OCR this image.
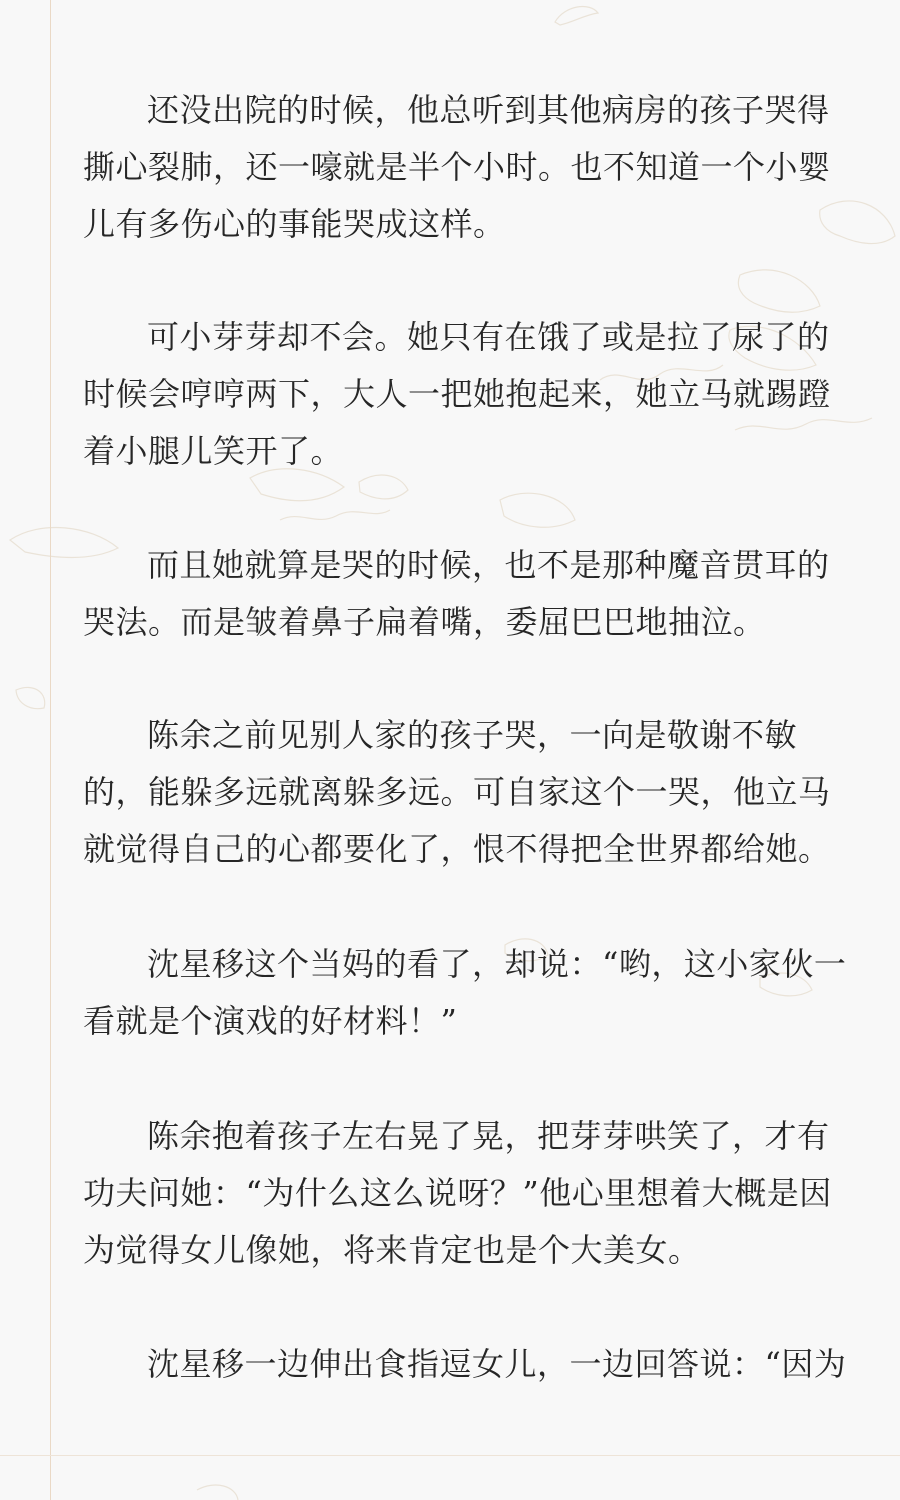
还没出院的时候，他总听到其他病房的孩子哭得撕心裂肺，还一嚎就是半个小时。也不知道一个小婴儿有多伤心的事能哭成这样。

可小芽芽却不会。她只有在饿了或是拉了尿了的时候会哼哼两下，大人一把她抱起来，她立马就踢蹬着小腿儿笑开了。

而且她就算是哭的时候，也不是那种魔音贯耳的哭法。而是皱着鼻子扁着嘴，委屈巴巴地抽泣。

陈余之前见别人家的孩子哭，一向是敬谢不敏的，能躲多远就离躲多远。可自家这个一哭，他立马就觉得自己的心都要化了，恨不得把全世界都给她。

沈星移这个当妈的看了，却说：“哟，这小家伙一看就是个演戏的好材料！”

陈余抱着孩子左右晃了晃，把芽芽哄笑了，才有功夫问她：“为什么这么说呀？”他心里想着大概是因为觉得女儿像她，将来肯定也是个大美女。

沈星移一边伸出食指逗女儿，一边回答说：“因为
